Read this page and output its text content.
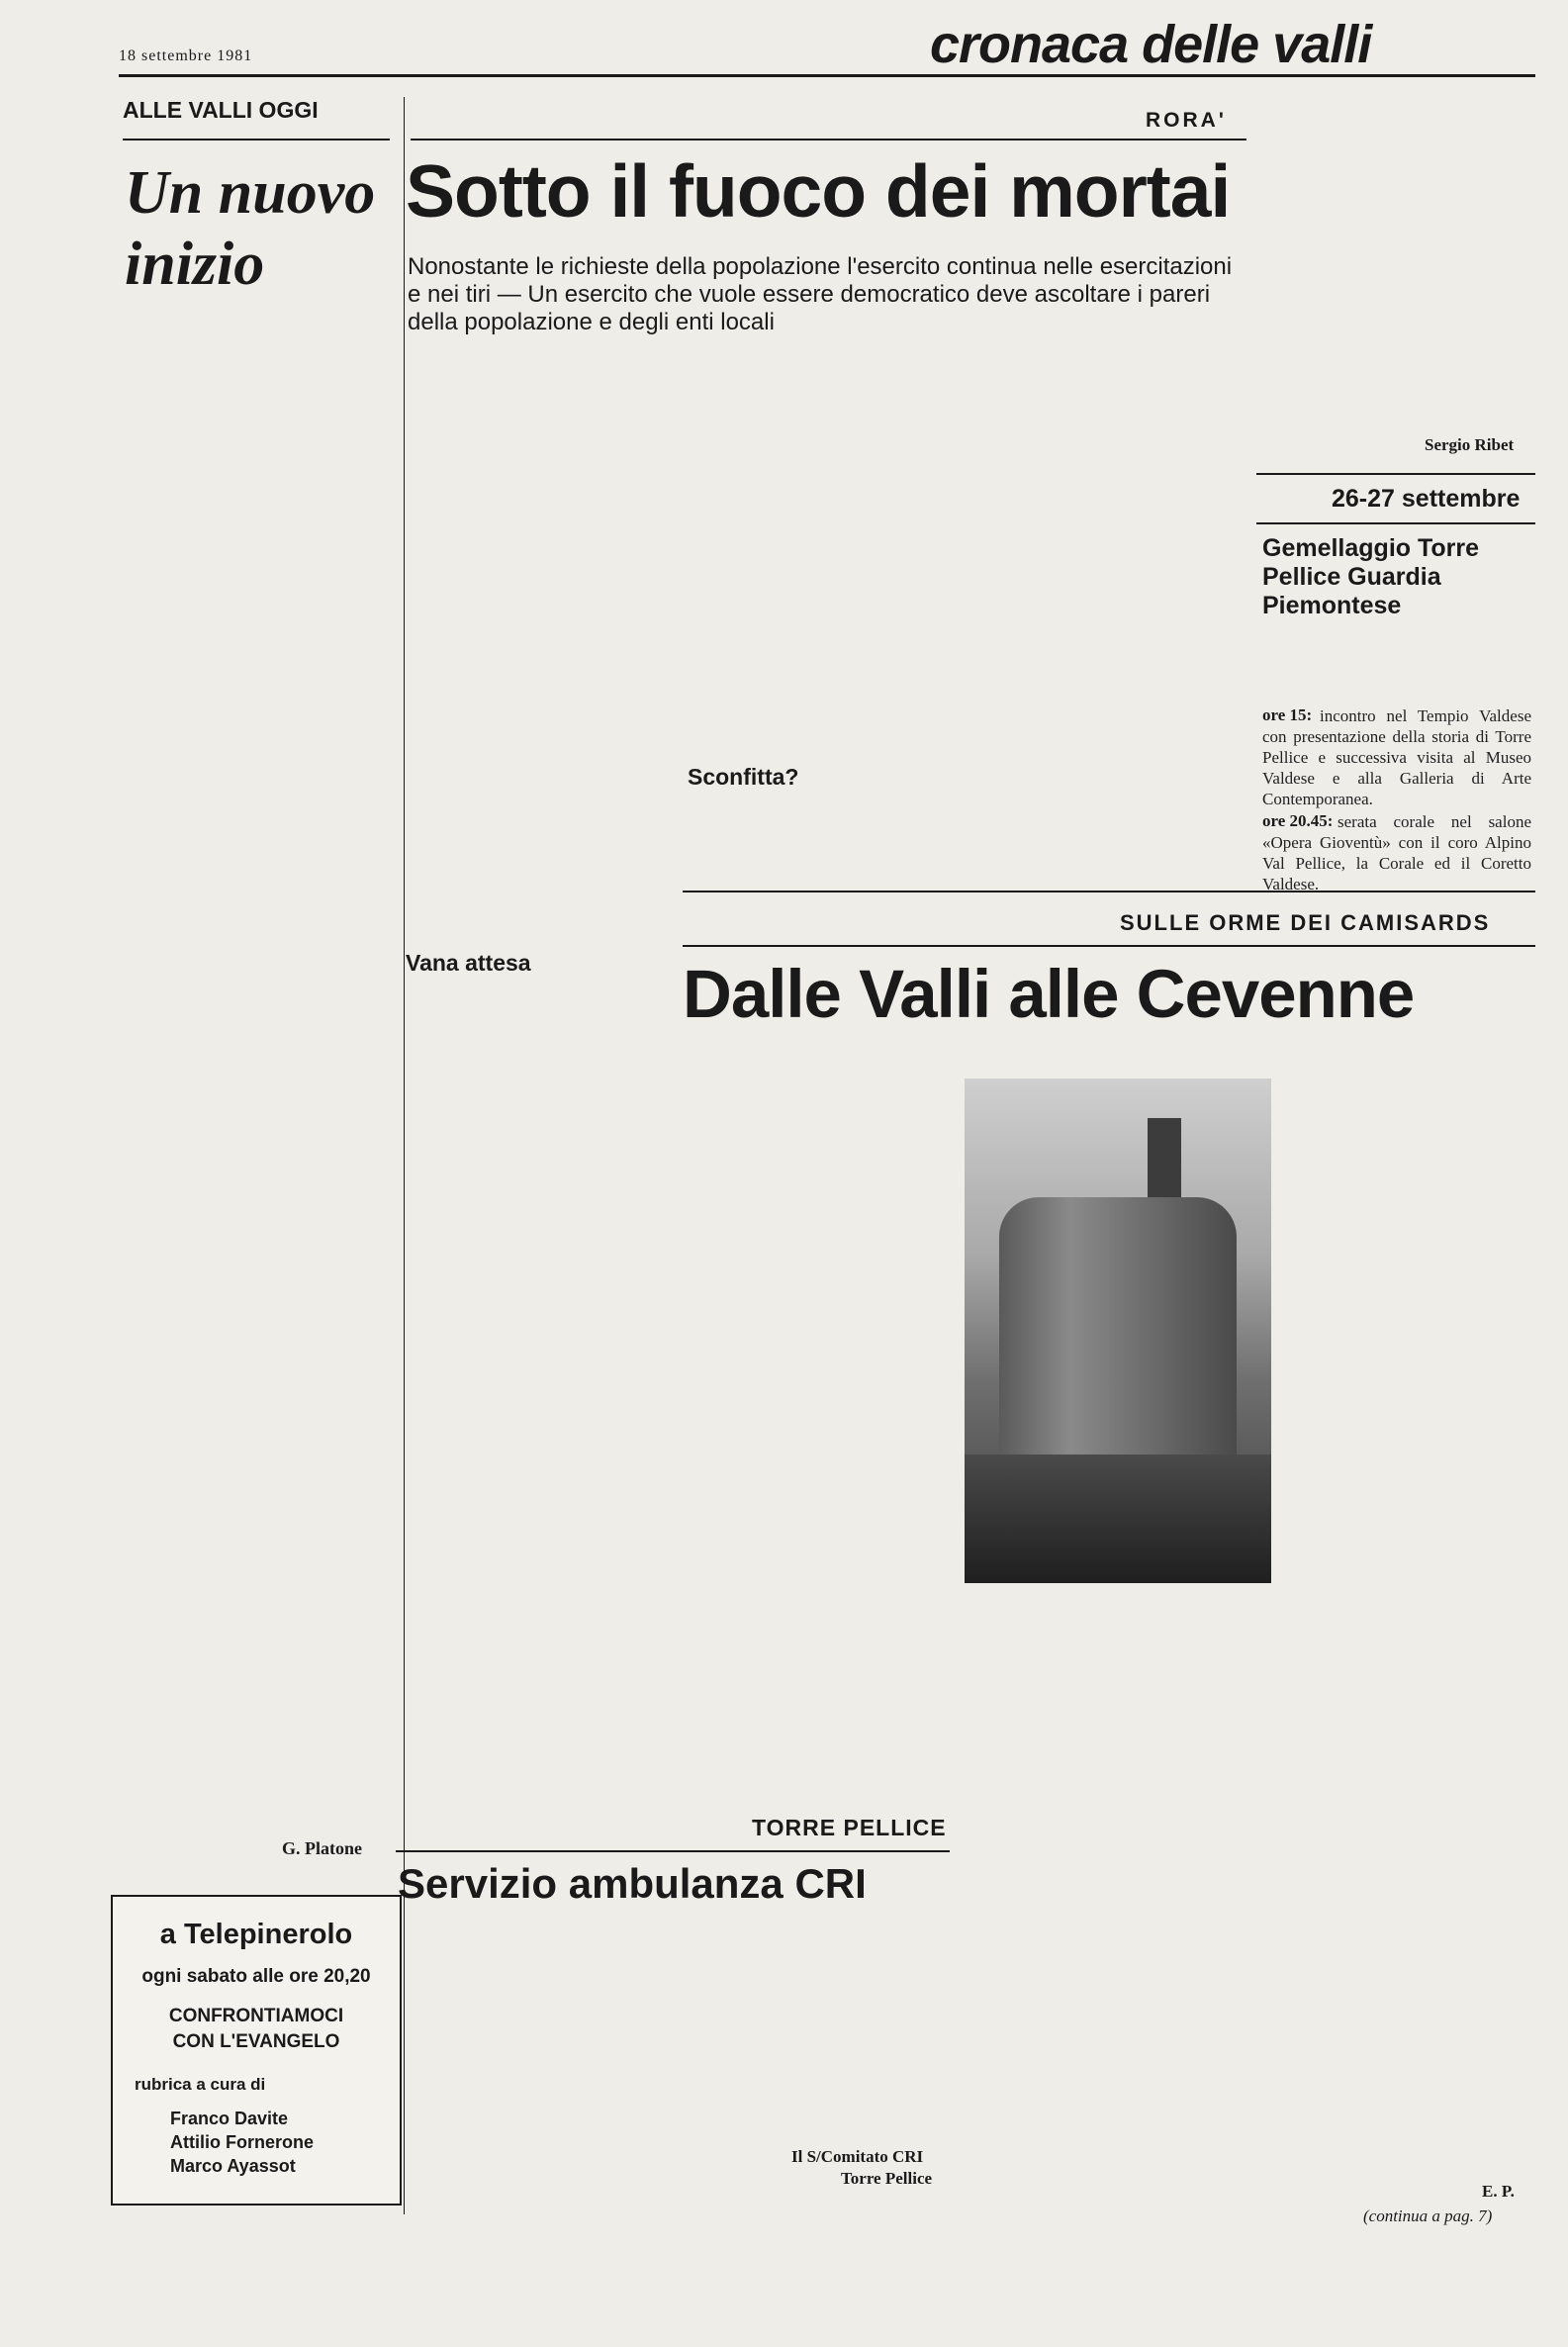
18 settembre 1981	cronaca delle valli
ALLE VALLI OGGI
Un nuovo
inizio
G. Platone
a Telepinerolo
ogni sabato alle ore 20,20
CONFRONTIAMOCI
CON L'EVANGELO
rubrica a cura di
Franco Davite
Attilio Fornerone
Marco Ayassot
RORA'
Sotto il fuoco dei mortai
Nonostante le richieste della popolazione l'esercito continua nelle esercitazioni e nei tiri — Un esercito che vuole essere democratico deve ascoltare i pareri della popolazione e degli enti locali
Vana attesa
Sconfitta?
Sergio Ribet
26-27 settembre
Gemellaggio Torre Pellice Guardia Piemontese
ore 15: incontro nel Tempio Valdese con presentazione della storia di Torre Pellice e successiva visita al Museo Valdese e alla Galleria di Arte Contemporanea.
ore 20.45: serata corale nel salone «Opera Gioventù» con il coro Alpino Val Pellice, la Corale ed il Coretto Valdese.
SULLE ORME DEI CAMISARDS
Dalle Valli alle Cevenne
E. P.
(continua a pag. 7)
TORRE PELLICE
Servizio ambulanza CRI
Il S/Comitato CRI
Torre Pellice
